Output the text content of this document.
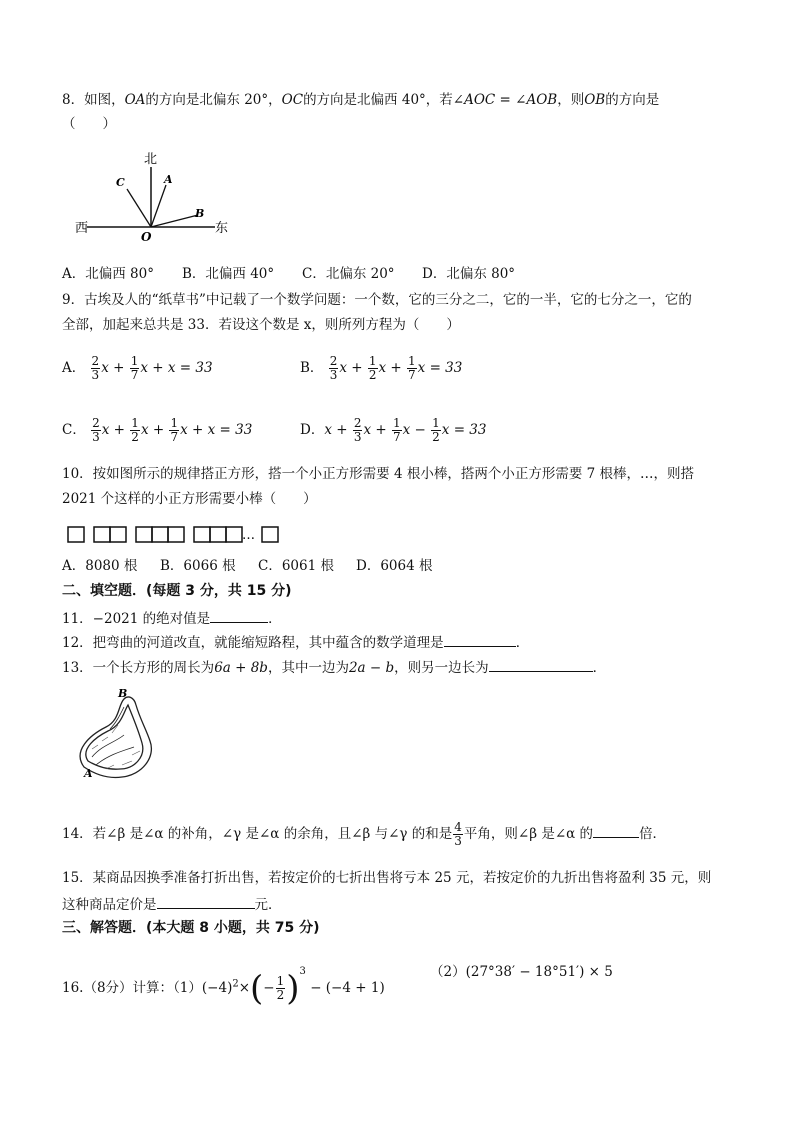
8．如图，OA的方向是北偏东 20°，OC的方向是北偏西 40°，若∠AOC = ∠AOB，则OB的方向是
（　　）
北
西	东
O
A
C
B
A．北偏西 80° B．北偏西 40° C．北偏东 20° D．北偏东 80°
9．古埃及人的“纸草书”中记载了一个数学问题：一个数，它的三分之二，它的一半，它的七分之一，它的
全部，加起来总共是 33．若设这个数是 x，则所列方程为（　　）
A． $\frac{2}{3}$ $x + \frac{1}{7}$ x + x = 33	B． $\frac{2}{3}$ $x + \frac{1}{2}$ $x + \frac{1}{7}$ x = 33
C． $\frac{2}{3}$ $x + \frac{1}{2}$ $x + \frac{1}{7}$ x + x = 33	D．$x + \frac{2}{3}$ $x + \frac{1}{7}$ $x - \frac{1}{2}$ x = 33
10．按如图所示的规律搭正方形，搭一个小正方形需要 4 根小棒，搭两个小正方形需要 7 根棒，…，则搭
2021 个这样的小正方形需要小棒（　　）
…
A．8080 根 B．6066 根 C．6061 根 D．6064 根
二、填空题．(每题 3 分，共 15 分)
11．−2021 的绝对值是	．
12．把弯曲的河道改直，就能缩短路程，其中蕴含的数学道理是	．
13．一个长方形的周长为6a + 8b，其中一边为2a − b，则另一边长为	．
B
A
14．若∠β 是∠α 的补角，∠γ 是∠α 的余角，且∠β 与∠γ 的和是 $\frac{4}{3}$ 平角，则∠β 是∠α 的	倍．
15．某商品因换季准备打折出售，若按定价的七折出售将亏本 25 元，若按定价的九折出售将盈利 35 元，则
这种商品定价是	元．
三、解答题．(本大题 8 小题，共 75 分)
16.（8分）计算：$(1)(-4)^2\times(- \frac{1}{2} )^3 - (-4 + 1)$
（2）(27°38′ − 18°51′) × 5
